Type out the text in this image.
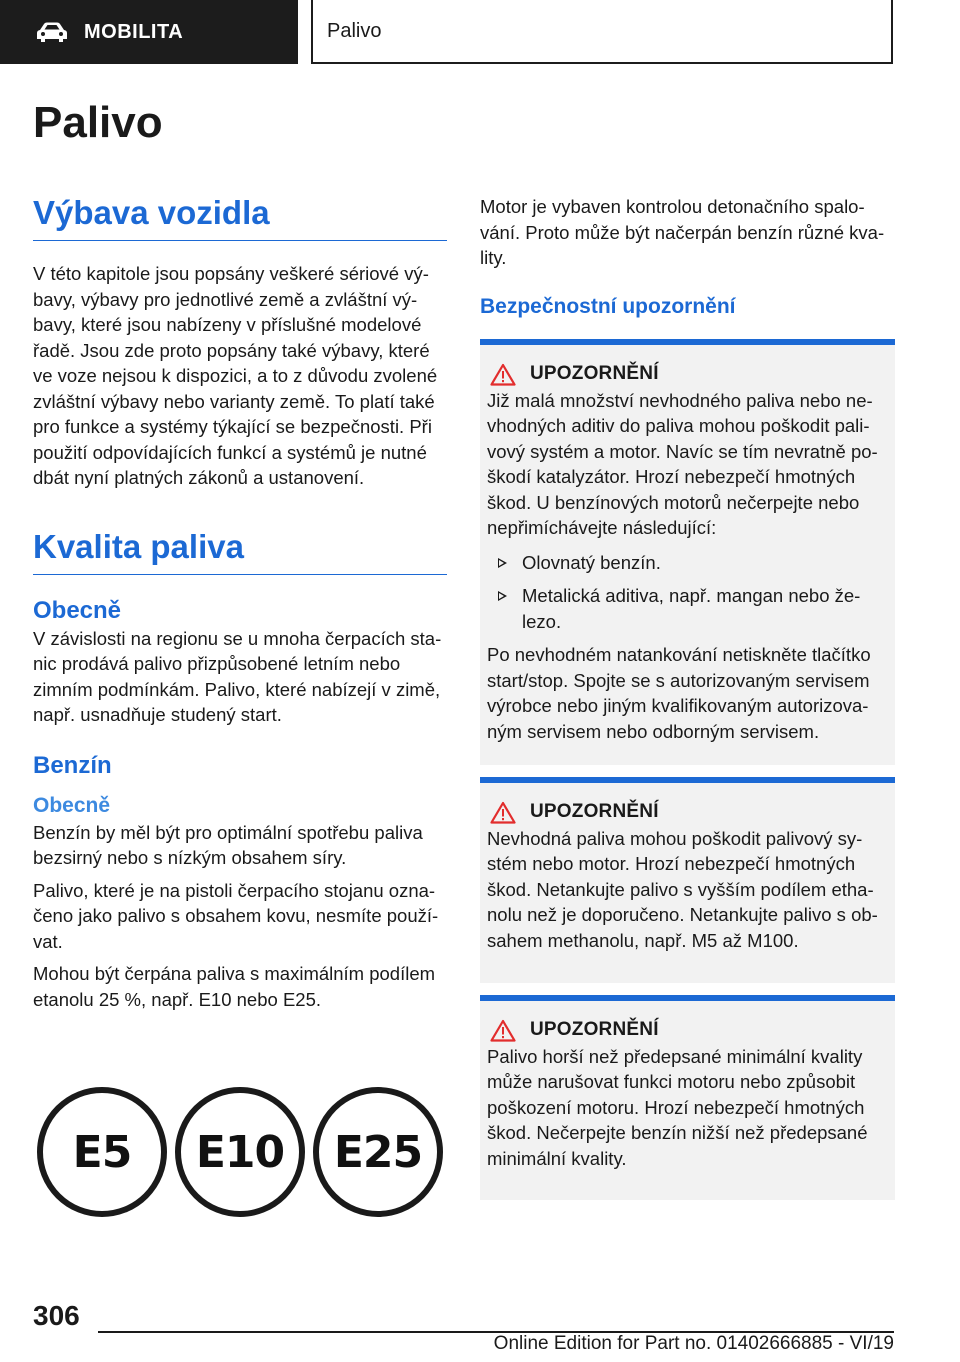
MOBILITA	Palivo
Palivo
Výbava vozidla

V této kapitole jsou popsány veškeré sériové vý-bavy, výbavy pro jednotlivé země a zvláštní vý-bavy, které jsou nabízeny v příslušné modelové řadě. Jsou zde proto popsány také výbavy, které ve voze nejsou k dispozici, a to z důvodu zvolené zvláštní výbavy nebo varianty země. To platí také pro funkce a systémy týkající se bezpečnosti. Při použití odpovídajících funkcí a systémů je nutné dbát nyní platných zákonů a ustanovení.

Kvalita paliva
Obecně

V závislosti na regionu se u mnoha čerpacích sta-nic prodává palivo přizpůsobené letním nebo zimním podmínkám. Palivo, které nabízejí v zimě, např. usnadňuje studený start.

Benzín
Obecně

Benzín by měl být pro optimální spotřebu paliva bezsirný nebo s nízkým obsahem síry.

Palivo, které je na pistoli čerpacího stojanu ozna-čeno jako palivo s obsahem kovu, nesmíte použí-vat.

Mohou být čerpána paliva s maximálním podílem etanolu 25 %, např. E10 nebo E25.

E5	E10	E25

Motor je vybaven kontrolou detonačního spalo-vání. Proto může být načerpán benzín různé kva-lity.

Bezpečnostní upozornění
UPOZORNĚNÍ

Již malá množství nevhodného paliva nebo ne-vhodných aditiv do paliva mohou poškodit pali-vový systém a motor. Navíc se tím nevratně po-škodí katalyzátor. Hrozí nebezpečí hmotných škod. U benzínových motorů nečerpejte nebo nepřimíchávejte následující:

Olovnatý benzín.
Metalická aditiva, např. mangan nebo že-lezo.

Po nevhodném natankování netiskněte tlačítko start/stop. Spojte se s autorizovaným servisem výrobce nebo jiným kvalifikovaným autorizova-ným servisem nebo odborným servisem.

UPOZORNĚNÍ

Nevhodná paliva mohou poškodit palivový sy-stém nebo motor. Hrozí nebezpečí hmotných škod. Netankujte palivo s vyšším podílem etha-nolu než je doporučeno. Netankujte palivo s ob-sahem methanolu, např. M5 až M100.

UPOZORNĚNÍ

Palivo horší než předepsané minimální kvality může narušovat funkci motoru nebo způsobit poškození motoru. Hrozí nebezpečí hmotných škod. Nečerpejte benzín nižší než předepsané minimální kvality.

306
Online Edition for Part no. 01402666885 - VI/19
